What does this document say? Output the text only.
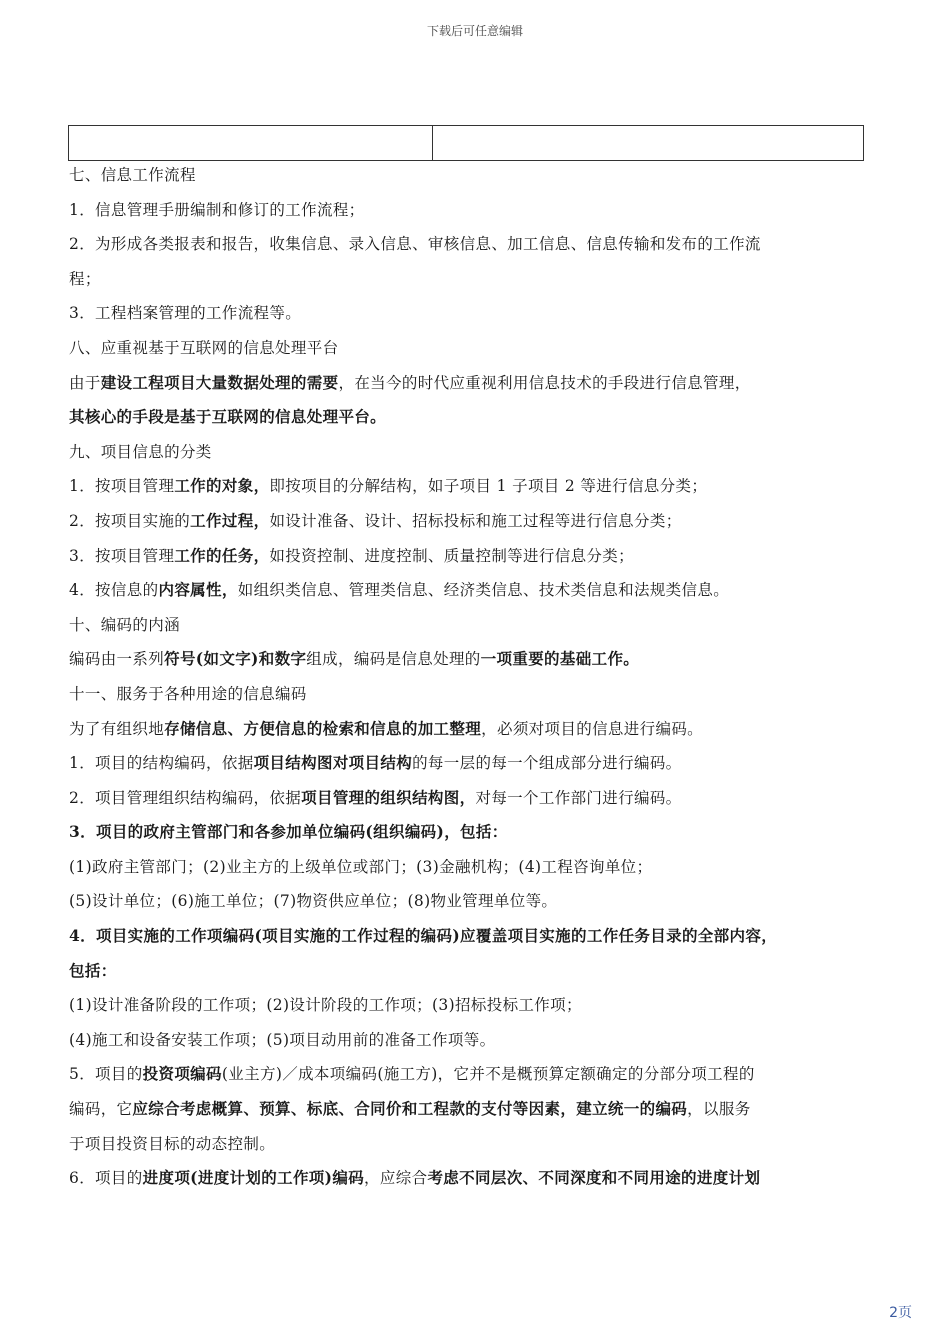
下载后可任意编辑

七、信息工作流程
1．信息管理手册编制和修订的工作流程；
2．为形成各类报表和报告，收集信息、录入信息、审核信息、加工信息、信息传输和发布的工作流
程；
3．工程档案管理的工作流程等。
八、应重视基于互联网的信息处理平台
由于建设工程项目大量数据处理的需要，在当今的时代应重视利用信息技术的手段进行信息管理，
其核心的手段是基于互联网的信息处理平台。
九、项目信息的分类
1．按项目管理工作的对象，即按项目的分解结构，如子项目 1 子项目 2 等进行信息分类；
2．按项目实施的工作过程，如设计准备、设计、招标投标和施工过程等进行信息分类；
3．按项目管理工作的任务，如投资控制、进度控制、质量控制等进行信息分类；
4．按信息的内容属性，如组织类信息、管理类信息、经济类信息、技术类信息和法规类信息。
十、编码的内涵
编码由一系列符号(如文字)和数字组成，编码是信息处理的一项重要的基础工作。
十一、服务于各种用途的信息编码
为了有组织地存储信息、方便信息的检索和信息的加工整理，必须对项目的信息进行编码。
1．项目的结构编码，依据项目结构图对项目结构的每一层的每一个组成部分进行编码。
2．项目管理组织结构编码，依据项目管理的组织结构图，对每一个工作部门进行编码。
3．项目的政府主管部门和各参加单位编码(组织编码)，包括：
(1)政府主管部门；(2)业主方的上级单位或部门；(3)金融机构；(4)工程咨询单位；
(5)设计单位；(6)施工单位；(7)物资供应单位；(8)物业管理单位等。
4．项目实施的工作项编码(项目实施的工作过程的编码)应覆盖项目实施的工作任务目录的全部内容，
包括：
(1)设计准备阶段的工作项；(2)设计阶段的工作项；(3)招标投标工作项；
(4)施工和设备安装工作项；(5)项目动用前的准备工作项等。
5．项目的投资项编码(业主方)／成本项编码(施工方)，它并不是概预算定额确定的分部分项工程的
编码，它应综合考虑概算、预算、标底、合同价和工程款的支付等因素，建立统一的编码，以服务
于项目投资目标的动态控制。
6．项目的进度项(进度计划的工作项)编码，应综合考虑不同层次、不同深度和不同用途的进度计划
2页
